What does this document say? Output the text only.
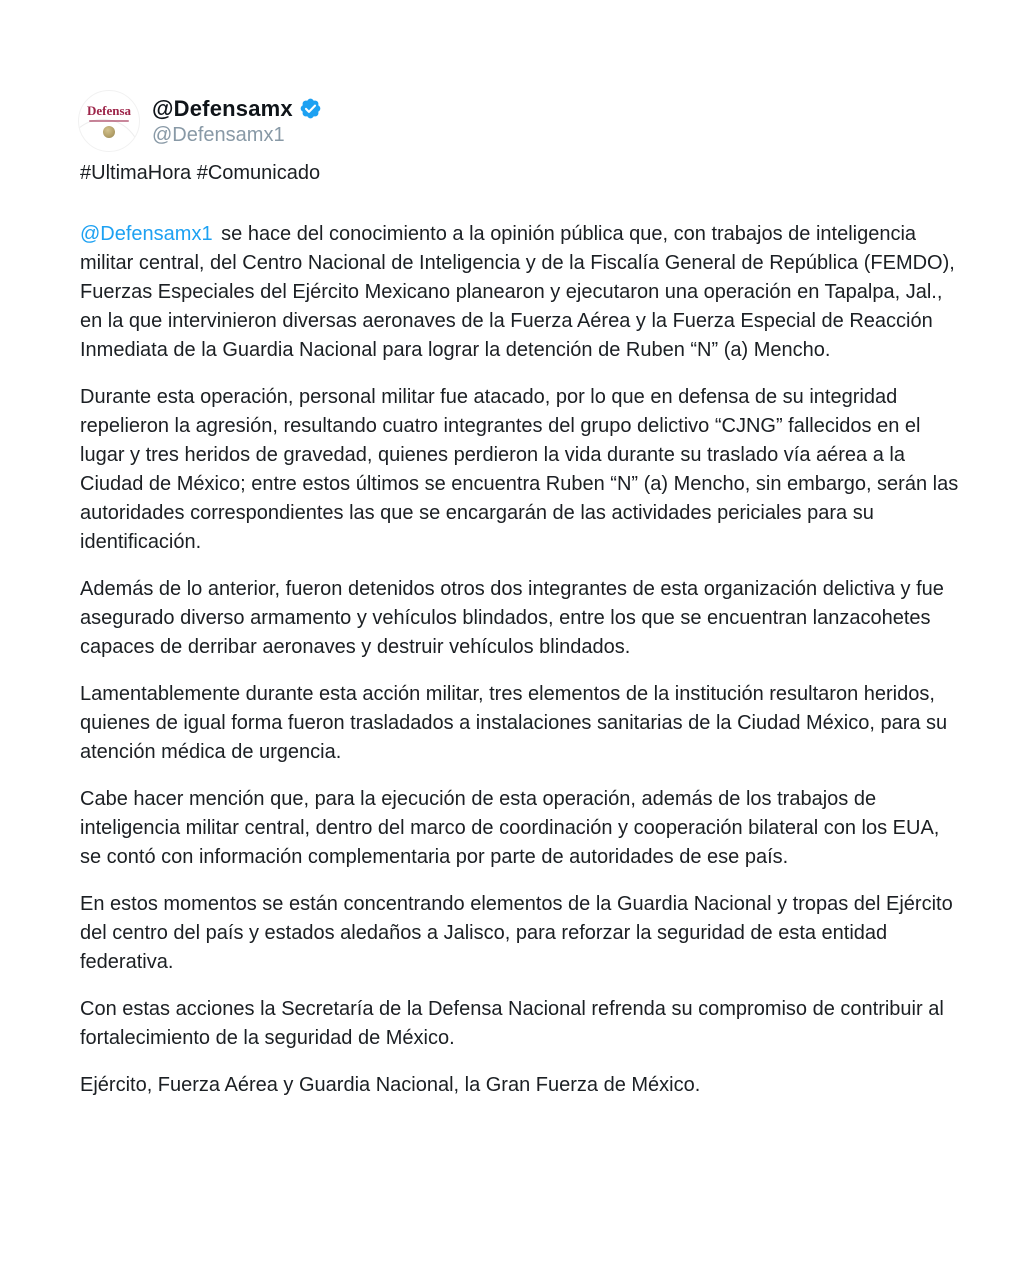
Defensa @Defensamx
@Defensamx1

#UltimaHora #Comunicado

@Defensamx1 se hace del conocimiento a la opinión pública que, con trabajos de inteligencia militar central, del Centro Nacional de Inteligencia y de la Fiscalía General de República (FEMDO), Fuerzas Especiales del Ejército Mexicano planearon y ejecutaron una operación en Tapalpa, Jal., en la que intervinieron diversas aeronaves de la Fuerza Aérea y la Fuerza Especial de Reacción Inmediata de la Guardia Nacional para lograr la detención de Ruben “N” (a) Mencho.

Durante esta operación, personal militar fue atacado, por lo que en defensa de su integridad repelieron la agresión, resultando cuatro integrantes del grupo delictivo “CJNG” fallecidos en el lugar y tres heridos de gravedad, quienes perdieron la vida durante su traslado vía aérea a la Ciudad de México; entre estos últimos se encuentra Ruben “N” (a) Mencho, sin embargo, serán las autoridades correspondientes las que se encargarán de las actividades periciales para su identificación.

Además de lo anterior, fueron detenidos otros dos integrantes de esta organización delictiva y fue asegurado diverso armamento y vehículos blindados, entre los que se encuentran lanzacohetes capaces de derribar aeronaves y destruir vehículos blindados.

Lamentablemente durante esta acción militar, tres elementos de la institución resultaron heridos, quienes de igual forma fueron trasladados a instalaciones sanitarias de la Ciudad México, para su atención médica de urgencia.

Cabe hacer mención que, para la ejecución de esta operación, además de los trabajos de inteligencia militar central, dentro del marco de coordinación y cooperación bilateral con los EUA, se contó con información complementaria por parte de autoridades de ese país.

En estos momentos se están concentrando elementos de la Guardia Nacional y tropas del Ejército del centro del país y estados aledaños a Jalisco, para reforzar la seguridad de esta entidad federativa.

Con estas acciones la Secretaría de la Defensa Nacional refrenda su compromiso de contribuir al fortalecimiento de la seguridad de México.

Ejército, Fuerza Aérea y Guardia Nacional, la Gran Fuerza de México.
